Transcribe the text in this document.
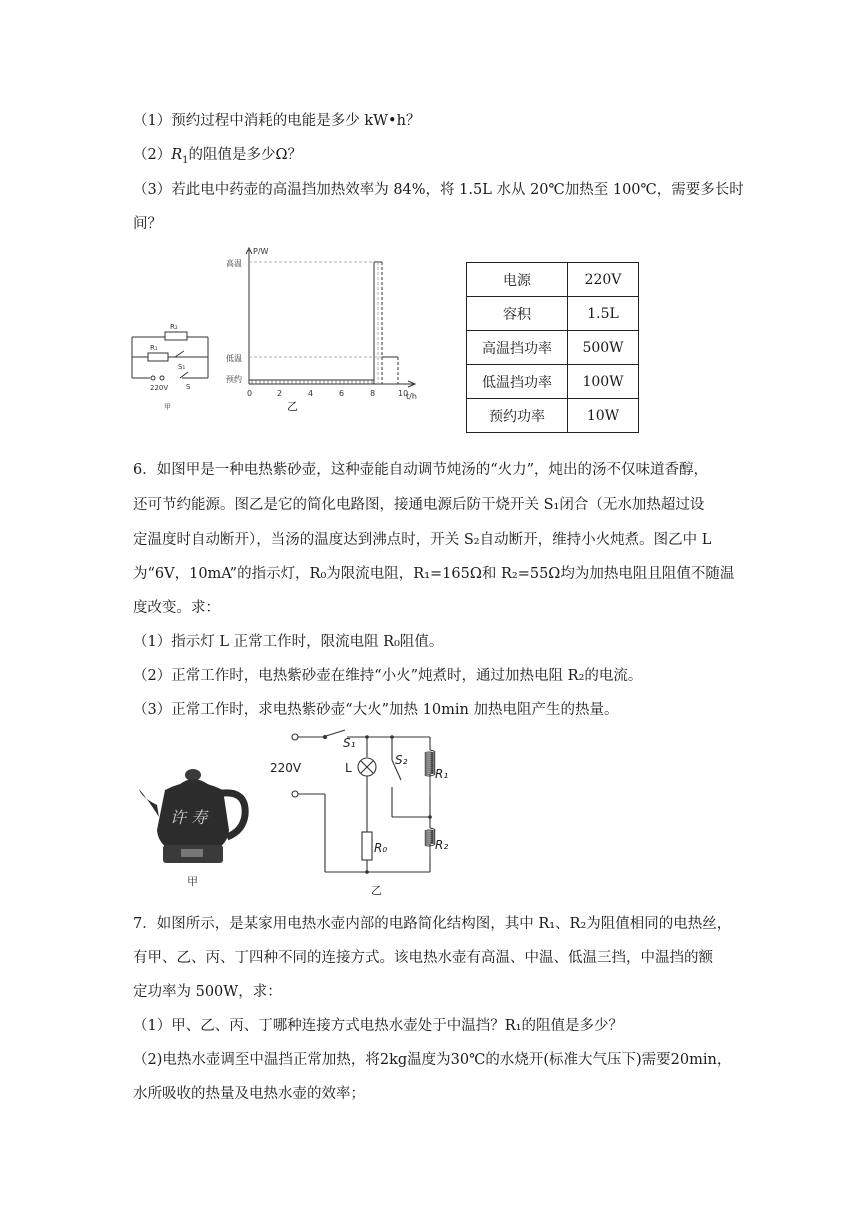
（1）预约过程中消耗的电能是多少 kW•h？
$(2)R_1$的阻值是多少Ω？
（3）若此电中药壶的高温挡加热效率为 84%，将 1.5L 水从 20℃加热至 100℃，需要多长时
间？
R₂
R₁
S₁
S
220V
甲
P/W
t/h
高温
低温
预约
0	2	4	6	8	10
乙
电源	220V
容积	1.5L
高温挡功率	500W
低温挡功率	100W
预约功率	10W
6．如图甲是一种电热紫砂壶，这种壶能自动调节炖汤的“火力”，炖出的汤不仅味道香醇，
还可节约能源。图乙是它的简化电路图，接通电源后防干烧开关 S₁闭合（无水加热超过设
定温度时自动断开），当汤的温度达到沸点时，开关 S₂自动断开，维持小火炖煮。图乙中 L
为“6V，10mA”的指示灯，R₀为限流电阻，R₁=165Ω和 R₂=55Ω均为加热电阻且阻值不随温
度改变。求：
（1）指示灯 L 正常工作时，限流电阻 R₀阻值。
（2）正常工作时，电热紫砂壶在维持“小火”炖煮时，通过加热电阻 R₂的电流。
（3）正常工作时，求电热紫砂壶“大火”加热 10min 加热电阻产生的热量。
许 寿
甲
S₁
220V	L
S₂
R₁
R₂
R₀
乙
7．如图所示，是某家用电热水壶内部的电路简化结构图，其中 R₁、R₂为阻值相同的电热丝，
有甲、乙、丙、丁四种不同的连接方式。该电热水壶有高温、中温、低温三挡，中温挡的额
定功率为 500W，求：
（1）甲、乙、丙、丁哪种连接方式电热水壶处于中温挡？R₁的阻值是多少？
（2)电热水壶调至中温挡正常加热，将2kg温度为30℃的水烧开(标准大气压下)需要20min，
水所吸收的热量及电热水壶的效率；
